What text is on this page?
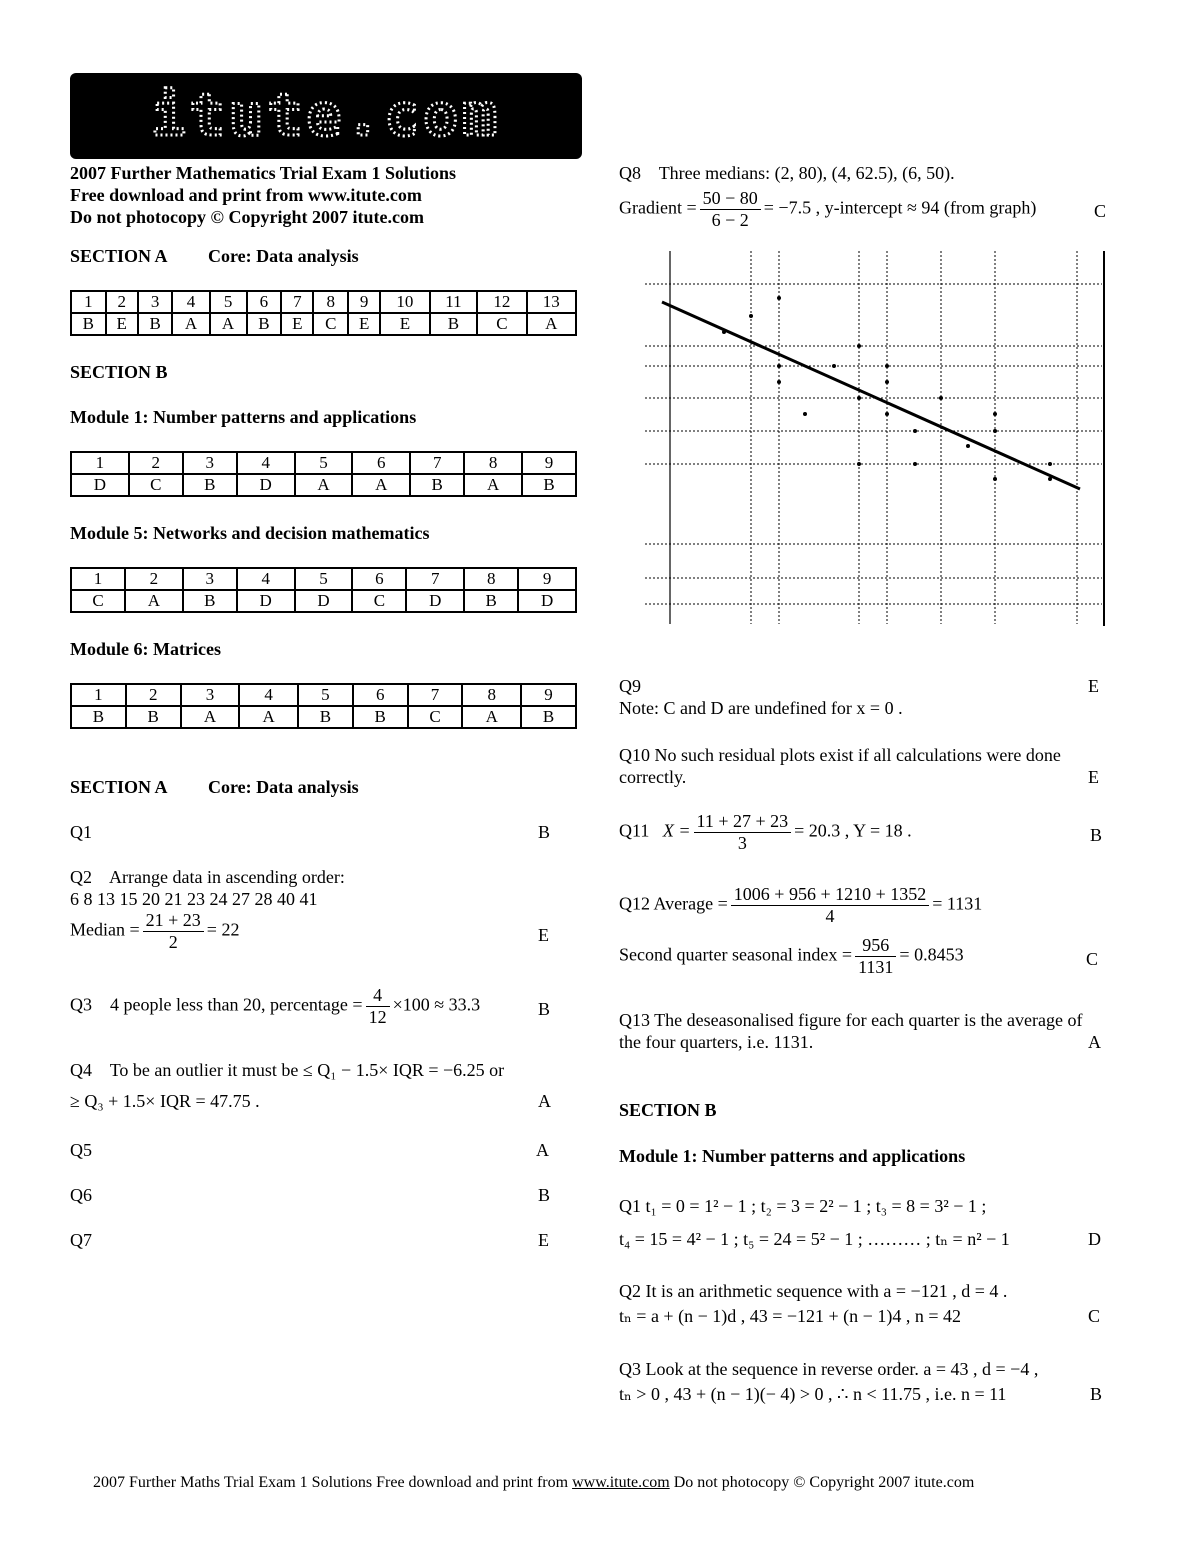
itute.com
2007 Further Mathematics Trial Exam 1 Solutions
Free download and print from www.itute.com
Do not photocopy © Copyright 2007 itute.com
SECTION A Core: Data analysis
1	2	3	4	5	6	7	8	9	10	11	12	13
B	E	B	A	A	B	E	C	E	E	B	C	A
SECTION B
Module 1: Number patterns and applications
1	2	3	4	5	6	7	8	9
D	C	B	D	A	A	B	A	B
Module 5: Networks and decision mathematics
1	2	3	4	5	6	7	8	9
C	A	B	D	D	C	D	B	D
Module 6: Matrices
1	2	3	4	5	6	7	8	9
B	B	A	A	B	B	C	A	B
SECTION A Core: Data analysis
Q1	B
Q2 Arrange data in ascending order:
6 8 13 15 20 21 23 24 27 28 40 41
Median = $\frac{21 + 23}{2} = 22$	E
Q3 4 people less than 20, percentage = $\frac{4}{12} \times 100 \approx 33.3$	B
Q4 To be an outlier it must be ≤ Q₁ − 1.5× IQR = −6.25 or
≥ Q₃ + 1.5× IQR = 47.75 .	A
Q5	A
Q6	B
Q7	E
Q8 Three medians: (2, 80), (4, 62.5), (6, 50).
Gradient = $\frac{50 - 80}{6 - 2} = -7.5$ , y-intercept ≈ 94 (from graph)	C
Q9	E
Note: C and D are undefined for x = 0 .
Q10 No such residual plots exist if all calculations were done
correctly.	E
Q11 $X = \frac{11 + 27 + 23}{3} = 20.3$ , Y = 18 .	B
Q12 Average = $\frac{1006 + 956 + 1210 + 1352}{4} = 1131$
Second quarter seasonal index = $\frac{956}{1131} = 0.8453$	C
Q13 The deseasonalised figure for each quarter is the average of
the four quarters, i.e. 1131.	A
SECTION B
Module 1: Number patterns and applications
Q1 t₁ = 0 = 1² − 1 ; t₂ = 3 = 2² − 1 ; t₃ = 8 = 3² − 1 ;
t₄ = 15 = 4² − 1 ; t₅ = 24 = 5² − 1 ; ……… ; tₙ = n² − 1	D
Q2 It is an arithmetic sequence with a = −121 , d = 4 .
tₙ = a + (n − 1)d , 43 = −121 + (n − 1)4 , n = 42	C
Q3 Look at the sequence in reverse order. a = 43 , d = −4 ,
tₙ > 0 , 43 + (n − 1)(− 4) > 0 , ∴ n < 11.75 , i.e. n = 11	B
2007 Further Maths Trial Exam 1 Solutions Free download and print from www.itute.com Do not photocopy © Copyright 2007 itute.com
